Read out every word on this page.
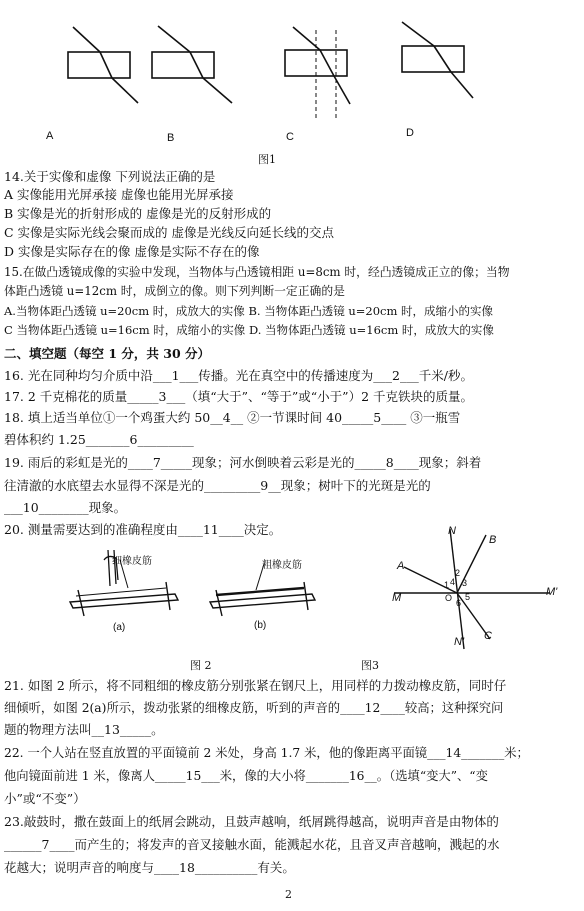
A	B	C	D
图1
14.关于实像和虚像 下列说法正确的是
A 实像能用光屏承接 虚像也能用光屏承接
B 实像是光的折射形成的 虚像是光的反射形成的
C 实像是实际光线会聚而成的 虚像是光线反向延长线的交点
D 实像是实际存在的像 虚像是实际不存在的像
15.在做凸透镜成像的实验中发现，当物体与凸透镜相距 u=8cm 时，经凸透镜成正立的像；当物
体距凸透镜 u=12cm 时，成倒立的像。则下列判断一定正确的是
A.当物体距凸透镜 u=20cm 时，成放大的实像 B. 当物体距凸透镜 u=20cm 时，成缩小的实像
C 当物体距凸透镜 u=16cm 时，成缩小的实像 D. 当物体距凸透镜 u=16cm 时，成放大的实像
二、填空题（每空 1 分，共 30 分）
16. 光在同种均匀介质中沿___1___传播。光在真空中的传播速度为___2___千米/秒。
17. 2 千克棉花的质量_____3___（填“大于”、“等于”或“小于”）2 千克铁块的质量。
18. 填上适当单位①一个鸡蛋大约 50__4__ ②一节课时间 40_____5____ ③一瓶雪
碧体积约 1.25_______6_________
19. 雨后的彩虹是光的____7_____现象；河水倒映着云彩是光的_____8____现象；斜着
往清澈的水底望去水显得不深是光的_________9__现象；树叶下的光斑是光的
___10________现象。
20. 测量需要达到的准确程度由____11____决定。
细橡皮筋	粗橡皮筋
(a)	(b)
图 2
N
N'
A
B
C
M	M'
O
1
2
3
4
5
6
图3
21. 如图 2 所示，将不同粗细的橡皮筋分别张紧在钢尺上，用同样的力拨动橡皮筋，同时仔
细倾听，如图 2(a)所示，拨动张紧的细橡皮筋，听到的声音的____12____较高；这种探究问
题的物理方法叫__13_____。
22. 一个人站在竖直放置的平面镜前 2 米处，身高 1.7 米，他的像距离平面镜___14_______米；
他向镜面前进 1 米，像离人_____15___米，像的大小将_______16__。（选填“变大”、“变
小”或“不变”）
23.敲鼓时，撒在鼓面上的纸屑会跳动，且鼓声越响，纸屑跳得越高，说明声音是由物体的
______7____而产生的；将发声的音叉接触水面，能溅起水花，且音叉声音越响，溅起的水
花越大；说明声音的响度与____18__________有关。
2
